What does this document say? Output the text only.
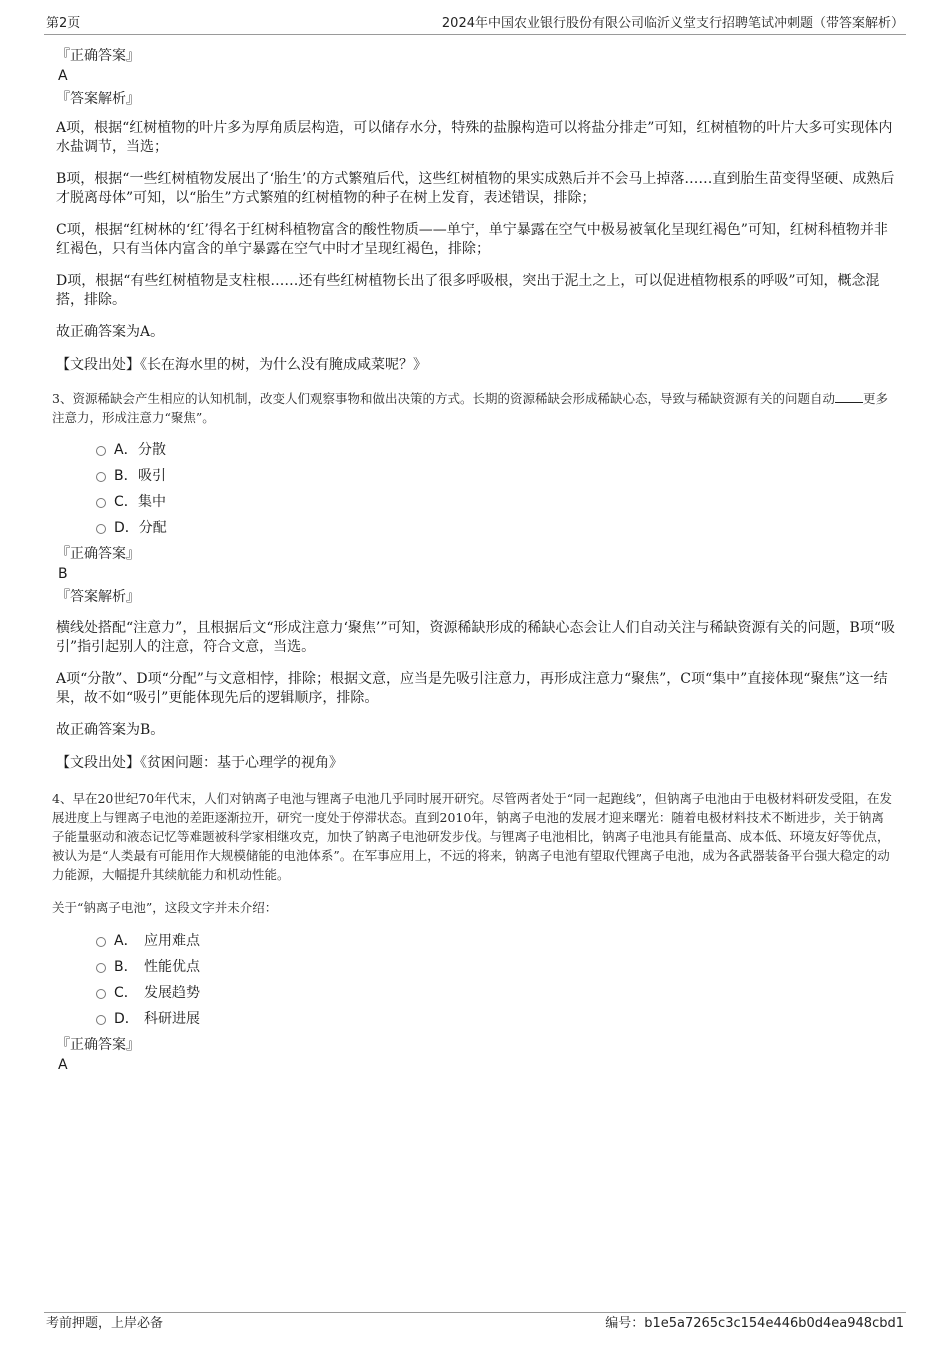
第2页	2024年中国农业银行股份有限公司临沂义堂支行招聘笔试冲刺题（带答案解析）

『正确答案』

A

『答案解析』

A项，根据“红树植物的叶片多为厚角质层构造，可以储存水分，特殊的盐腺构造可以将盐分排走”可知，红树植物的叶片大多可实现体内水盐调节，当选；

B项，根据“一些红树植物发展出了‘胎生’的方式繁殖后代，这些红树植物的果实成熟后并不会马上掉落……直到胎生苗变得坚硬、成熟后才脱离母体”可知，以“胎生”方式繁殖的红树植物的种子在树上发育，表述错误，排除；

C项，根据“红树林的‘红’得名于红树科植物富含的酸性物质——单宁，单宁暴露在空气中极易被氧化呈现红褐色”可知，红树科植物并非红褐色，只有当体内富含的单宁暴露在空气中时才呈现红褐色，排除；

D项，根据“有些红树植物是支柱根……还有些红树植物长出了很多呼吸根，突出于泥土之上，可以促进植物根系的呼吸”可知，概念混搭，排除。

故正确答案为A。

【文段出处】《长在海水里的树，为什么没有腌成咸菜呢？》

3、资源稀缺会产生相应的认知机制，改变人们观察事物和做出决策的方式。长期的资源稀缺会形成稀缺心态，导致与稀缺资源有关的问题自动 更多注意力，形成注意力“聚焦”。

A．分散
B．吸引
C．集中
D．分配

『正确答案』

B

『答案解析』

横线处搭配“注意力”，且根据后文“形成注意力‘聚焦’”可知，资源稀缺形成的稀缺心态会让人们自动关注与稀缺资源有关的问题，B项“吸引”指引起别人的注意，符合文意，当选。

A项“分散”、D项“分配”与文意相悖，排除；根据文意，应当是先吸引注意力，再形成注意力“聚焦”，C项“集中”直接体现“聚焦”这一结果，故不如“吸引”更能体现先后的逻辑顺序，排除。

故正确答案为B。

【文段出处】《贫困问题：基于心理学的视角》

4、早在20世纪70年代末，人们对钠离子电池与锂离子电池几乎同时展开研究。尽管两者处于“同一起跑线”，但钠离子电池由于电极材料研发受阻，在发展进度上与锂离子电池的差距逐渐拉开，研究一度处于停滞状态。直到2010年，钠离子电池的发展才迎来曙光：随着电极材料技术不断进步，关于钠离子能量驱动和液态记忆等难题被科学家相继攻克，加快了钠离子电池研发步伐。与锂离子电池相比，钠离子电池具有能量高、成本低、环境友好等优点，被认为是“人类最有可能用作大规模储能的电池体系”。在军事应用上，不远的将来，钠离子电池有望取代锂离子电池，成为各武器装备平台强大稳定的动力能源，大幅提升其续航能力和机动性能。

关于“钠离子电池”，这段文字并未介绍：

A． 应用难点
B． 性能优点
C． 发展趋势
D． 科研进展

『正确答案』

A

考前押题，上岸必备	编号：b1e5a7265c3c154e446b0d4ea948cbd1
